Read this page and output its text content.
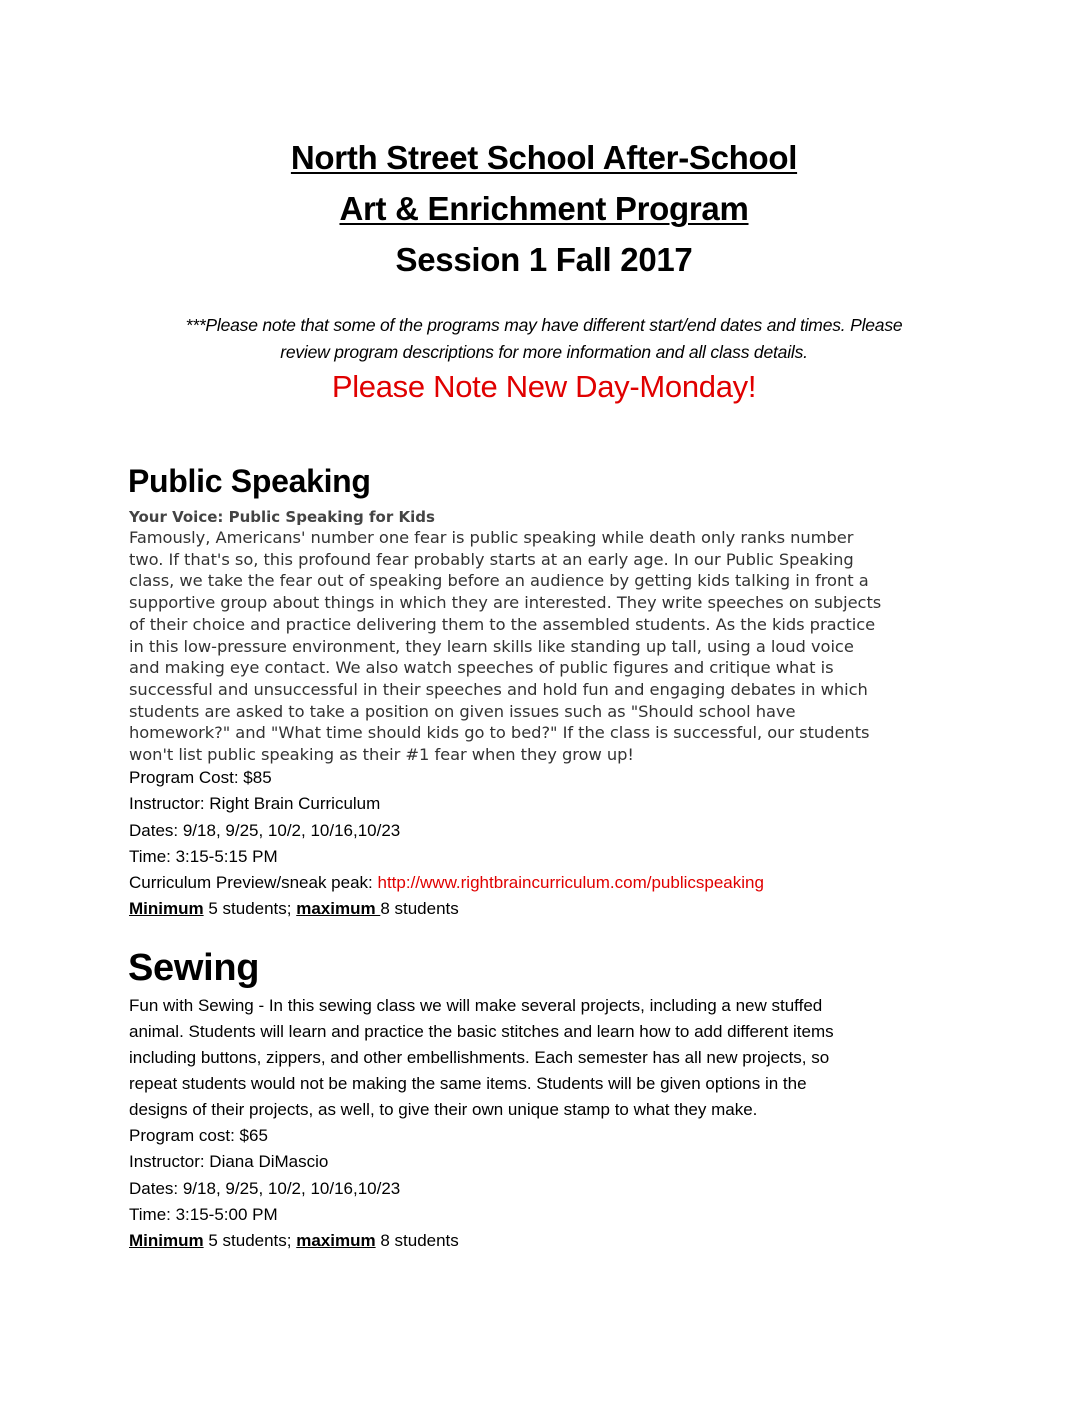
North Street School After-School
Art & Enrichment Program
Session 1 Fall 2017
***Please note that some of the programs may have different start/end dates and times. Please
review program descriptions for more information and all class details.
Please Note New Day-Monday!
Public Speaking
Your Voice: Public Speaking for Kids

Famously, Americans' number one fear is public speaking while death only ranks number

two. If that's so, this profound fear probably starts at an early age. In our Public Speaking

class, we take the fear out of speaking before an audience by getting kids talking in front a

supportive group about things in which they are interested. They write speeches on subjects

of their choice and practice delivering them to the assembled students. As the kids practice

in this low-pressure environment, they learn skills like standing up tall, using a loud voice

and making eye contact. We also watch speeches of public figures and critique what is

successful and unsuccessful in their speeches and hold fun and engaging debates in which

students are asked to take a position on given issues such as "Should school have

homework?" and "What time should kids go to bed?" If the class is successful, our students

won't list public speaking as their #1 fear when they grow up!

Program Cost: $85

Instructor: Right Brain Curriculum

Dates: 9/18, 9/25, 10/2, 10/16,10/23

Time: 3:15-5:15 PM

Curriculum Preview/sneak peak: http://www.rightbraincurriculum.com/publicspeaking

Minimum 5 students; maximum 8 students

Sewing

Fun with Sewing - In this sewing class we will make several projects, including a new stuffed

animal. Students will learn and practice the basic stitches and learn how to add different items

including buttons, zippers, and other embellishments. Each semester has all new projects, so

repeat students would not be making the same items. Students will be given options in the

designs of their projects, as well, to give their own unique stamp to what they make.

Program cost: $65

Instructor: Diana DiMascio

Dates: 9/18, 9/25, 10/2, 10/16,10/23

Time: 3:15-5:00 PM

Minimum 5 students; maximum 8 students
